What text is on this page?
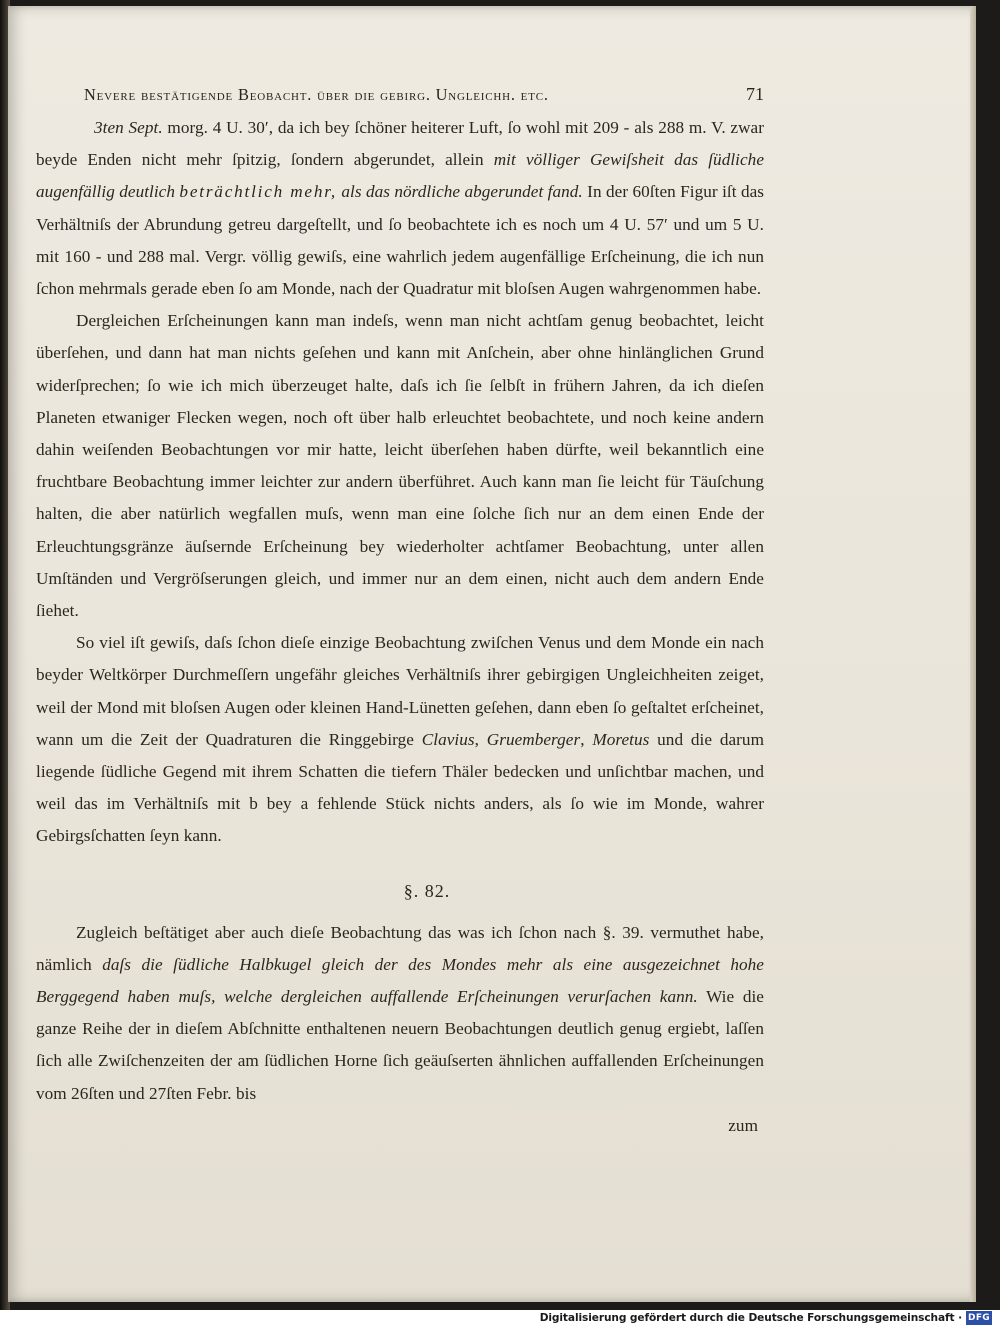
Nevere bestätigende Beobacht. über die gebirg. Ungleichh. etc.	71

3ten Sept. morg. 4 U. 30′, da ich bey ſchöner heiterer Luft, ſo wohl mit 209 - als 288 m. V. zwar beyde Enden nicht mehr ſpitzig, ſondern abgerundet, allein mit völliger Gewiſsheit das ſüdliche augenfällig deutlich beträchtlich mehr, als das nördliche abgerundet fand. In der 60ſten Figur iſt das Verhältniſs der Abrundung getreu dargeſtellt, und ſo beobachtete ich es noch um 4 U. 57′ und um 5 U. mit 160 - und 288 mal. Vergr. völlig gewiſs, eine wahrlich jedem augenfällige Erſcheinung, die ich nun ſchon mehrmals gerade eben ſo am Monde, nach der Quadratur mit bloſsen Augen wahrgenommen habe.

Dergleichen Erſcheinungen kann man indeſs, wenn man nicht achtſam genug beobachtet, leicht überſehen, und dann hat man nichts geſehen und kann mit Anſchein, aber ohne hinlänglichen Grund widerſprechen; ſo wie ich mich überzeuget halte, daſs ich ſie ſelbſt in frühern Jahren, da ich dieſen Planeten etwaniger Flecken wegen, noch oft über halb erleuchtet beobachtete, und noch keine andern dahin weiſenden Beobachtungen vor mir hatte, leicht überſehen haben dürfte, weil bekanntlich eine fruchtbare Beobachtung immer leichter zur andern überführet. Auch kann man ſie leicht für Täuſchung halten, die aber natürlich wegfallen muſs, wenn man eine ſolche ſich nur an dem einen Ende der Erleuchtungsgränze äuſsernde Erſcheinung bey wiederholter achtſamer Beobachtung, unter allen Umſtänden und Vergröſserungen gleich, und immer nur an dem einen, nicht auch dem andern Ende ſiehet.

So viel iſt gewiſs, daſs ſchon dieſe einzige Beobachtung zwiſchen Venus und dem Monde ein nach beyder Weltkörper Durchmeſſern ungefähr gleiches Verhältniſs ihrer gebirgigen Ungleichheiten zeiget, weil der Mond mit bloſsen Augen oder kleinen Hand-Lünetten geſehen, dann eben ſo geſtaltet erſcheinet, wann um die Zeit der Quadraturen die Ringgebirge Clavius, Gruemberger, Moretus und die darum liegende ſüdliche Gegend mit ihrem Schatten die tiefern Thäler bedecken und unſichtbar machen, und weil das im Verhältniſs mit b bey a fehlende Stück nichts anders, als ſo wie im Monde, wahrer Gebirgsſchatten ſeyn kann.

§. 82.

Zugleich beſtätiget aber auch dieſe Beobachtung das was ich ſchon nach §. 39. vermuthet habe, nämlich daſs die ſüdliche Halbkugel gleich der des Mondes mehr als eine ausgezeichnet hohe Berggegend haben muſs, welche dergleichen auffallende Erſcheinungen verurſachen kann. Wie die ganze Reihe der in dieſem Abſchnitte enthaltenen neuern Beobachtungen deutlich genug ergiebt, laſſen ſich alle Zwiſchenzeiten der am ſüdlichen Horne ſich geäuſserten ähnlichen auffallenden Erſcheinungen vom 26ſten und 27ſten Febr. bis

zum
Digitalisierung gefördert durch die Deutsche Forschungsgemeinschaft · DFG
